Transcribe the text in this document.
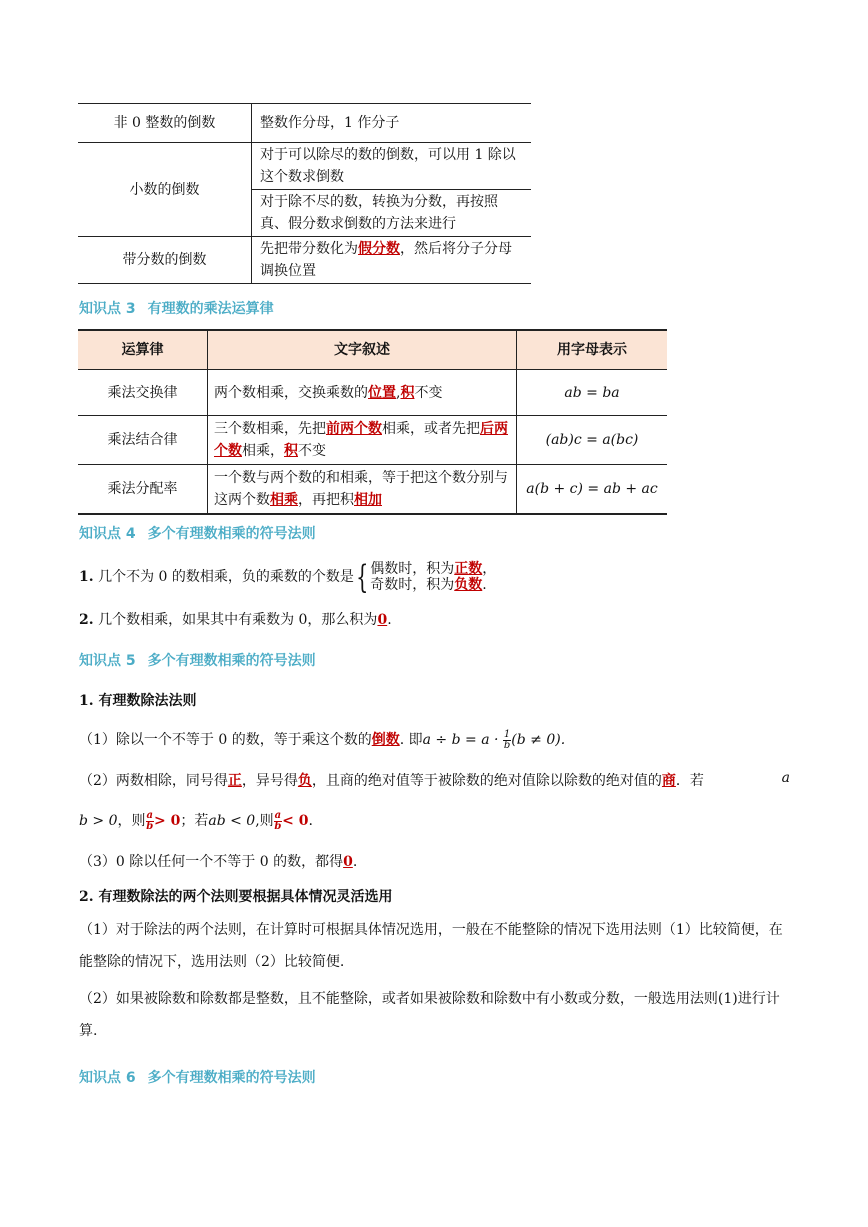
非 0 整数的倒数	整数作分母，1 作分子
小数的倒数	对于可以除尽的数的倒数，可以用 1 除以这个数求倒数
	对于除不尽的数，转换为分数，再按照真、假分数求倒数的方法来进行
带分数的倒数	先把带分数化为假分数，然后将分子分母调换位置
知识点 3 有理数的乘法运算律
运算律	文字叙述	用字母表示
乘法交换律	两个数相乘，交换乘数的位置,积不变	ab = ba
乘法结合律	三个数相乘，先把前两个数相乘，或者先把后两个数相乘，积不变	(ab)c = a(bc)
乘法分配率	一个数与两个数的和相乘，等于把这个数分别与这两个数相乘，再把积相加	a(b + c) = ab + ac
知识点 4 多个有理数相乘的符号法则
1. 几个不为 0 的数相乘，负的乘数的个数是{ 偶数时，积为正数，
奇数时，积为负数.
2. 几个数相乘，如果其中有乘数为 0，那么积为0.
知识点 5 多个有理数相乘的符号法则
1. 有理数除法法则
（1）除以一个不等于 0 的数，等于乘这个数的倒数. 即$a \div b = a \cdot \frac{1}{b} (b \ne 0)$.
（2）两数相除，同号得正，异号得负，且商的绝对值等于被除数的绝对值除以除数的绝对值的商．若	a
b > 0，则 $\frac{a}{b} > 0$；若ab < 0,则 $\frac{a}{b} < 0$.
（3）0 除以任何一个不等于 0 的数，都得0.
2. 有理数除法的两个法则要根据具体情况灵活选用
（1）对于除法的两个法则，在计算时可根据具体情况选用，一般在不能整除的情况下选用法则（1）比较简便，在能整除的情况下，选用法则（2）比较简便.
（2）如果被除数和除数都是整数，且不能整除，或者如果被除数和除数中有小数或分数，一般选用法则(1)进行计算.
知识点 6 多个有理数相乘的符号法则
